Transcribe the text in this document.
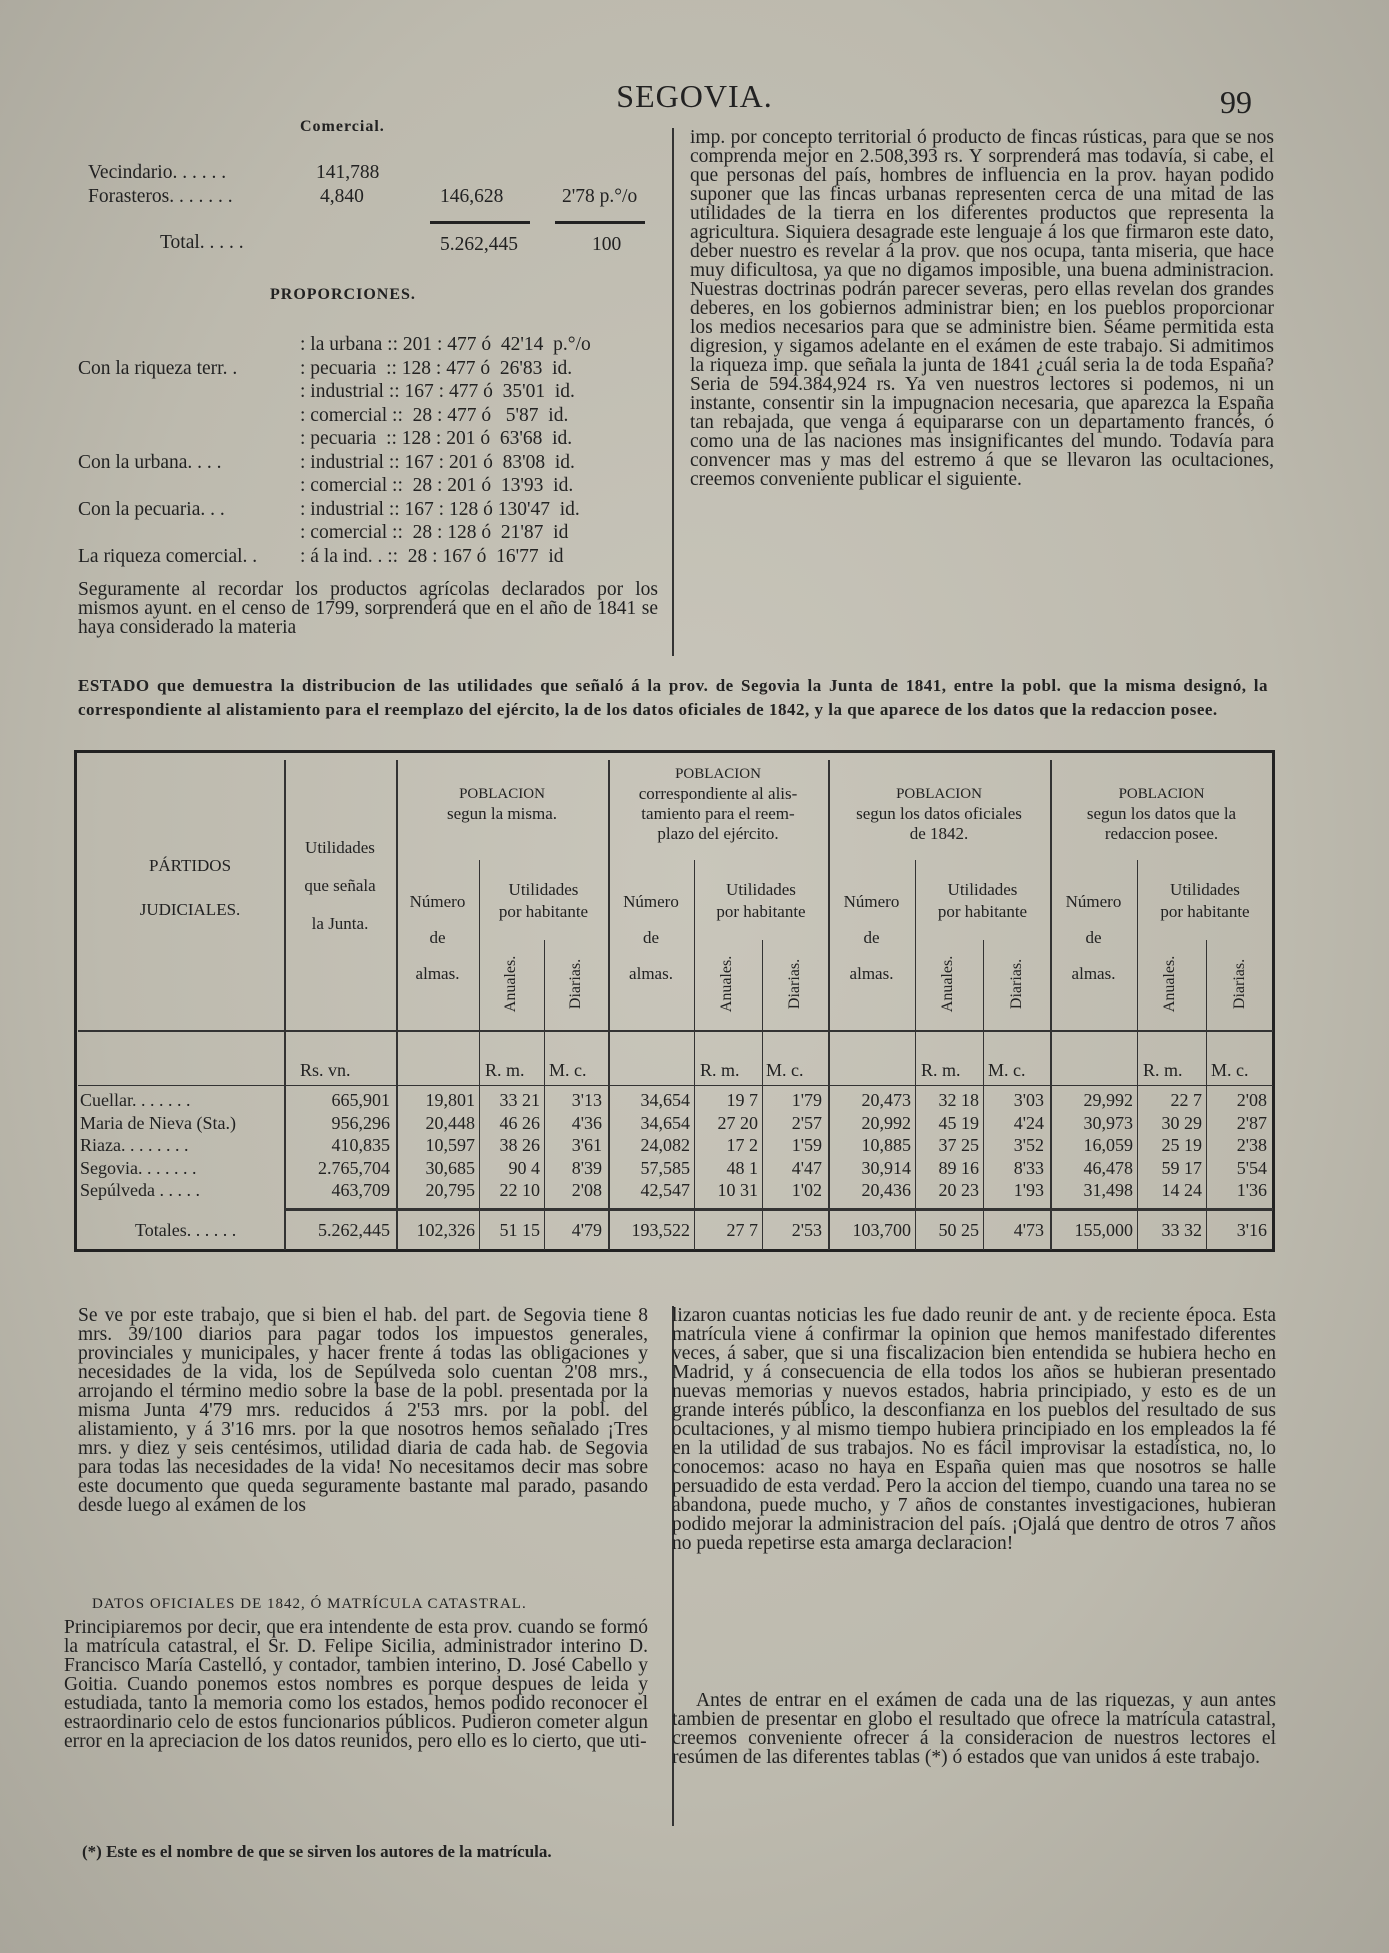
SEGOVIA.	99
Comercial.
Vecindario. . . . . .	141,788
Forasteros. . . . . . .	4,840	146,628	2'78 p.°/o
Total. . . . .	5.262,445	100
PROPORCIONES.
: la urbana :: 201 : 477 ó  42'14  p.°/o
Con la riqueza terr. .	: pecuaria  :: 128 : 477 ó  26'83  id.
: industrial :: 167 : 477 ó  35'01  id.
: comercial ::  28 : 477 ó   5'87  id.
: pecuaria  :: 128 : 201 ó  63'68  id.
Con la urbana. . . .	: industrial :: 167 : 201 ó  83'08  id.
: comercial ::  28 : 201 ó  13'93  id.
Con la pecuaria. . .	: industrial :: 167 : 128 ó 130'47  id.
: comercial ::  28 : 128 ó  21'87  id
La riqueza comercial. . : á la ind. . ::  28 : 167 ó  16'77  id
Seguramente al recordar los productos agrícolas declarados por los mismos ayunt. en el censo de 1799, sorprenderá que en el año de 1841 se haya considerado la materia
imp. por concepto territorial ó producto de fincas rústicas, para que se nos comprenda mejor en 2.508,393 rs. Y sorprenderá mas todavía, si cabe, el que personas del país, hombres de influencia en la prov. hayan podido suponer que las fincas urbanas representen cerca de una mitad de las utilidades de la tierra en los diferentes productos que representa la agricultura. Siquiera desagrade este lenguaje á los que firmaron este dato, deber nuestro es revelar á la prov. que nos ocupa, tanta miseria, que hace muy dificultosa, ya que no digamos imposible, una buena administracion. Nuestras doctrinas podrán parecer severas, pero ellas revelan dos grandes deberes, en los gobiernos administrar bien; en los pueblos proporcionar los medios necesarios para que se administre bien. Séame permitida esta digresion, y sigamos adelante en el exámen de este trabajo. Si admitimos la riqueza imp. que señala la junta de 1841 ¿cuál seria la de toda España? Seria de 594.384,924 rs. Ya ven nuestros lectores si podemos, ni un instante, consentir sin la impugnacion necesaria, que aparezca la España tan rebajada, que venga á equipararse con un departamento francés, ó como una de las naciones mas insignificantes del mundo. Todavía para convencer mas y mas del estremo á que se llevaron las ocultaciones, creemos conveniente publicar el siguiente.
ESTADO que demuestra la distribucion de las utilidades que señaló á la prov. de Segovia la Junta de 1841, entre la pobl. que la misma designó, la correspondiente al alistamiento para el reemplazo del ejército, la de los datos oficiales de 1842, y la que aparece de los datos que la redaccion posee.
PÁRTIDOS
JUDICIALES.
Utilidades
que señala
la Junta.
POBLACION
segun la misma.
Número
de
almas.
Utilidades
por habitante
Anuales.	Diarias.
R. m. M. c.
POBLACION
correspondiente al alis-
tamiento para el reem-
plazo del ejército.
Número
de
almas.
Utilidades
por habitante
Anuales.	Diarias.
R. m. M. c.
POBLACION
segun los datos oficiales
de 1842.
Número
de
almas.
Utilidades
por habitante
Anuales.	Diarias.
R. m. M. c.
POBLACION
segun los datos que la
redaccion posee.
Número
de
almas.
Utilidades
por habitante
Anuales.	Diarias.
R. m. M. c.
Rs. vn.
Cuellar. . . . . . .	665,901	19,801	33 21	3'13	34,654	19 7	1'79	20,473	32 18	3'03	29,992	22 7	2'08
Maria de Nieva (Sta.)	956,296	20,448	46 26	4'36	34,654	27 20	2'57	20,992	45 19	4'24	30,973	30 29	2'87
Riaza. . . . . . . .	410,835	10,597	38 26	3'61	24,082	17 2	1'59	10,885	37 25	3'52	16,059	25 19	2'38
Segovia. . . . . . .	2.765,704	30,685	90 4	8'39	57,585	48 1	4'47	30,914	89 16	8'33	46,478	59 17	5'54
Sepúlveda . . . . .	463,709	20,795	22 10	2'08	42,547	10 31	1'02	20,436	20 23	1'93	31,498	14 24	1'36
Totales. . . . . .	5.262,445	102,326	51 15	4'79	193,522	27 7	2'53	103,700	50 25	4'73	155,000	33 32	3'16
Se ve por este trabajo, que si bien el hab. del part. de Segovia tiene 8 mrs. 39/100 diarios para pagar todos los impuestos generales, provinciales y municipales, y hacer frente á todas las obligaciones y necesidades de la vida, los de Sepúlveda solo cuentan 2'08 mrs., arrojando el término medio sobre la base de la pobl. presentada por la misma Junta 4'79 mrs. reducidos á 2'53 mrs. por la pobl. del alistamiento, y á 3'16 mrs. por la que nosotros hemos señalado ¡Tres mrs. y diez y seis centésimos, utilidad diaria de cada hab. de Segovia para todas las necesidades de la vida! No necesitamos decir mas sobre este documento que queda seguramente bastante mal parado, pasando desde luego al exámen de los
DATOS OFICIALES DE 1842, Ó MATRÍCULA CATASTRAL.
Principiaremos por decir, que era intendente de esta prov. cuando se formó la matrícula catastral, el Sr. D. Felipe Sicilia, administrador interino D. Francisco María Castelló, y contador, tambien interino, D. José Cabello y Goitia. Cuando ponemos estos nombres es porque despues de leida y estudiada, tanto la memoria como los estados, hemos podido reconocer el estraordinario celo de estos funcionarios públicos. Pudieron cometer algun error en la apreciacion de los datos reunidos, pero ello es lo cierto, que uti-
lizaron cuantas noticias les fue dado reunir de ant. y de reciente época. Esta matrícula viene á confirmar la opinion que hemos manifestado diferentes veces, á saber, que si una fiscalizacion bien entendida se hubiera hecho en Madrid, y á consecuencia de ella todos los años se hubieran presentado nuevas memorias y nuevos estados, habria principiado, y esto es de un grande interés público, la desconfianza en los pueblos del resultado de sus ocultaciones, y al mismo tiempo hubiera principiado en los empleados la fé en la utilidad de sus trabajos. No es fácil improvisar la estadística, no, lo conocemos: acaso no haya en España quien mas que nosotros se halle persuadido de esta verdad. Pero la accion del tiempo, cuando una tarea no se abandona, puede mucho, y 7 años de constantes investigaciones, hubieran podido mejorar la administracion del país. ¡Ojalá que dentro de otros 7 años no pueda repetirse esta amarga declaracion!
Antes de entrar en el exámen de cada una de las riquezas, y aun antes tambien de presentar en globo el resultado que ofrece la matrícula catastral, creemos conveniente ofrecer á la consideracion de nuestros lectores el resúmen de las diferentes tablas (*) ó estados que van unidos á este trabajo.
(*) Este es el nombre de que se sirven los autores de la matrícula.
